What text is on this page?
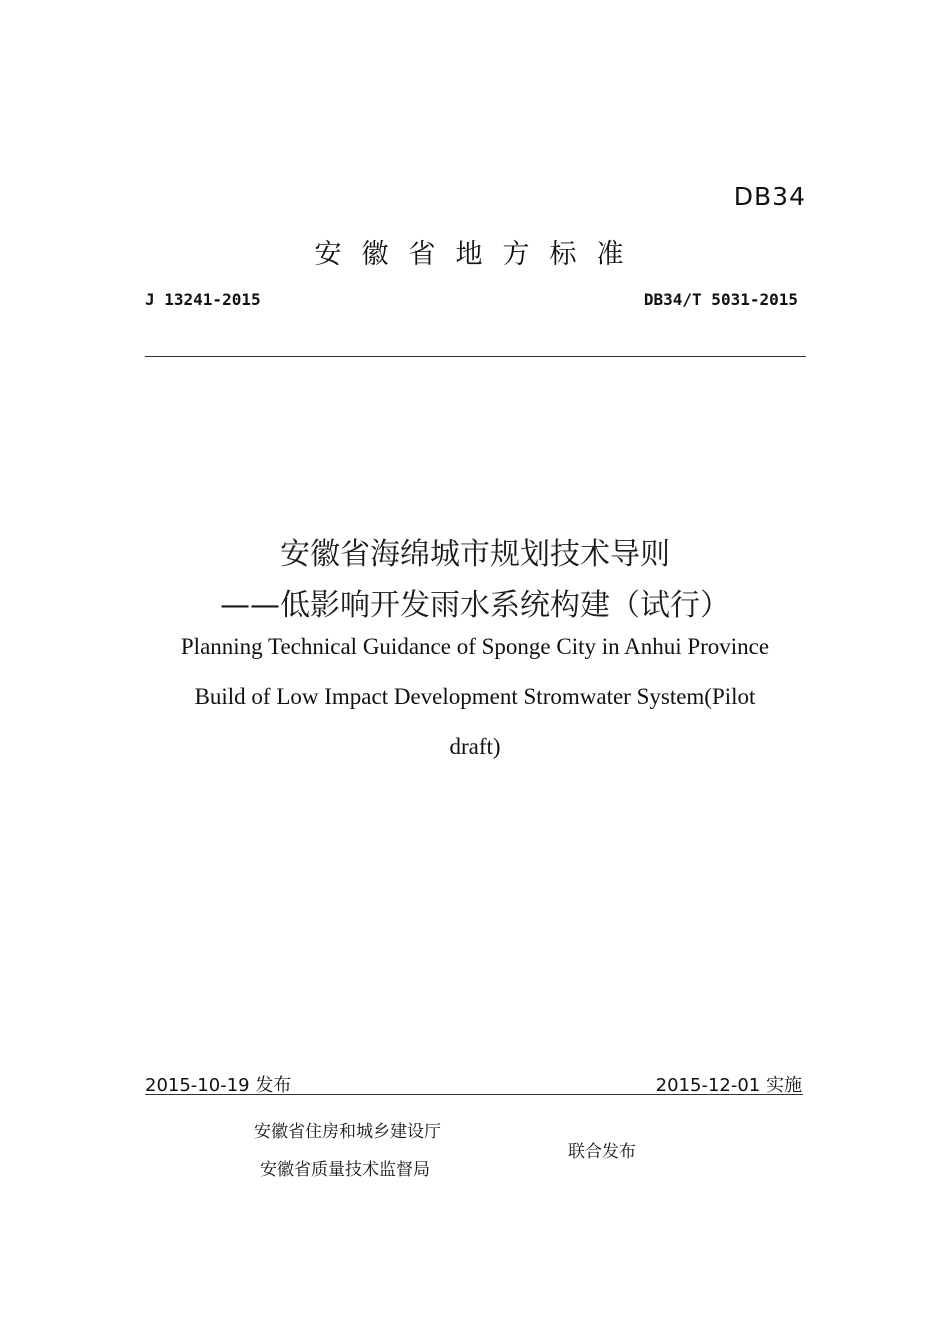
DB34
安徽省地方标准
J 13241-2015	DB34/T 5031-2015
安徽省海绵城市规划技术导则
——低影响开发雨水系统构建（试行）
Planning Technical Guidance of Sponge City in Anhui Province
Build of Low Impact Development Stromwater System(Pilot
draft)
2015-10-19 发布	2015-12-01 实施
安徽省住房和城乡建设厅
安徽省质量技术监督局
联合发布
